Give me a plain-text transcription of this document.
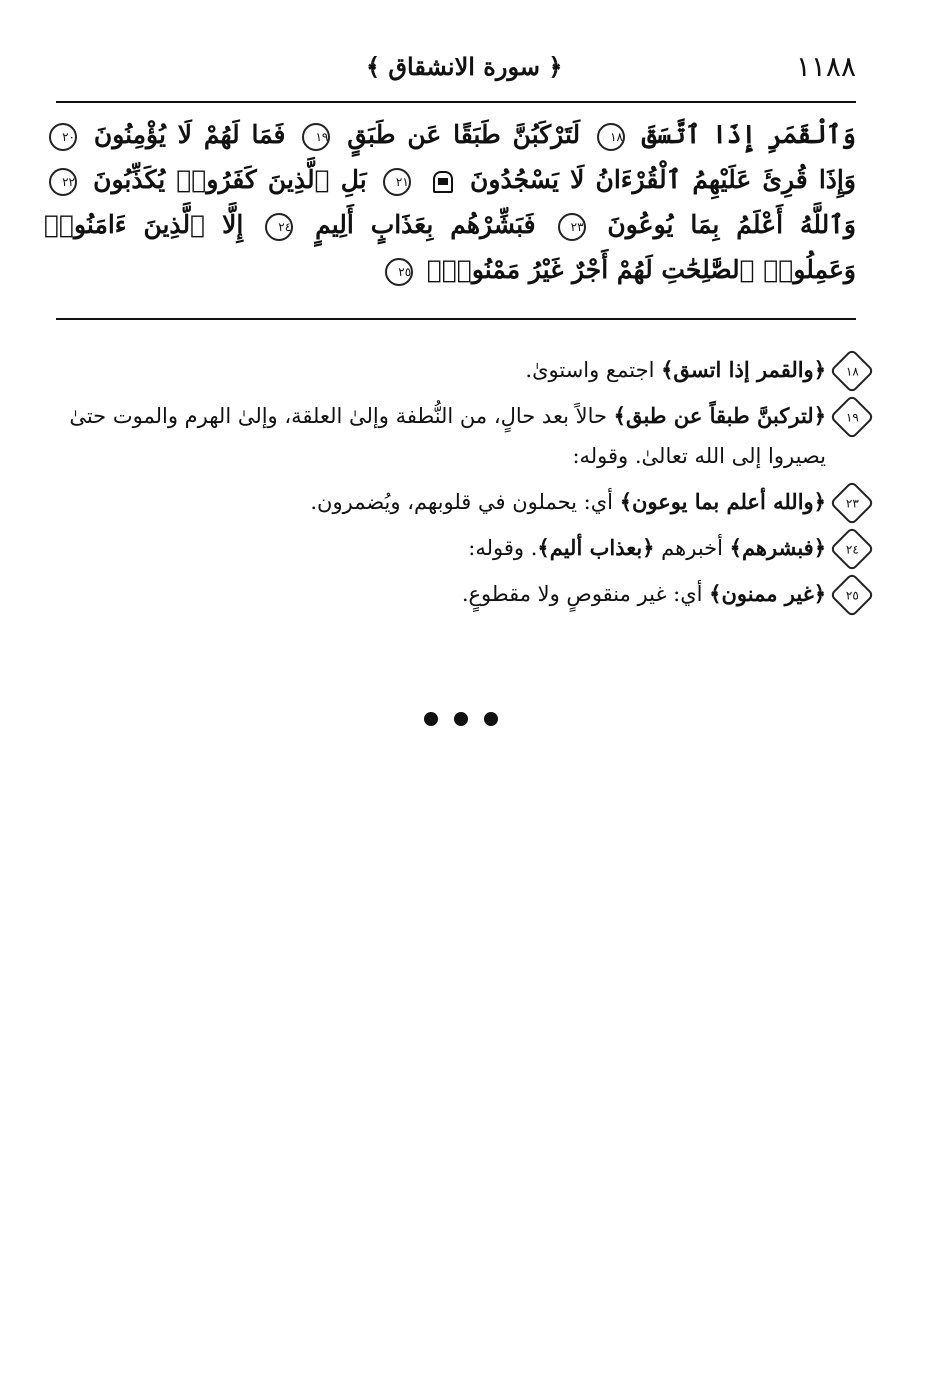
١١٨٨
﴿ سورة الانشقاق ﴾
وَٱلْقَمَرِ إِذَا ٱتَّسَقَ ١٨ لَتَرْكَبُنَّ طَبَقًا عَن طَبَقٍ ١٩ فَمَا لَهُمْ لَا يُؤْمِنُونَ ٢٠ وَإِذَا قُرِئَ عَلَيْهِمُ ٱلْقُرْءَانُ لَا يَسْجُدُونَ  ٢١ بَلِ ٱلَّذِينَ كَفَرُوا۟ يُكَذِّبُونَ ٢٢ وَٱللَّهُ أَعْلَمُ بِمَا يُوعُونَ ٢٣ فَبَشِّرْهُم بِعَذَابٍ أَلِيمٍ ٢٤ إِلَّا ٱلَّذِينَ ءَامَنُوا۟ وَعَمِلُوا۟ ٱلصَّٰلِحَٰتِ لَهُمْ أَجْرٌ غَيْرُ مَمْنُونٍۭ ٢٥
١٨
﴿والقمر إذا اتسق﴾ اجتمع واستوىٰ.
١٩
﴿لتركبنَّ طبقاً عن طبق﴾ حالاً بعد حالٍ، من النُّطفة وإلىٰ العلقة، وإلىٰ الهرم والموت حتىٰ يصيروا إلى الله تعالىٰ. وقوله:
٢٣
﴿والله أعلم بما يوعون﴾ أي: يحملون في قلوبهم، ويُضمرون.
٢٤
﴿فبشرهم﴾ أخبرهم ﴿بعذاب أليم﴾. وقوله:
٢٥
﴿غير ممنون﴾ أي: غير منقوصٍ ولا مقطوعٍ.
